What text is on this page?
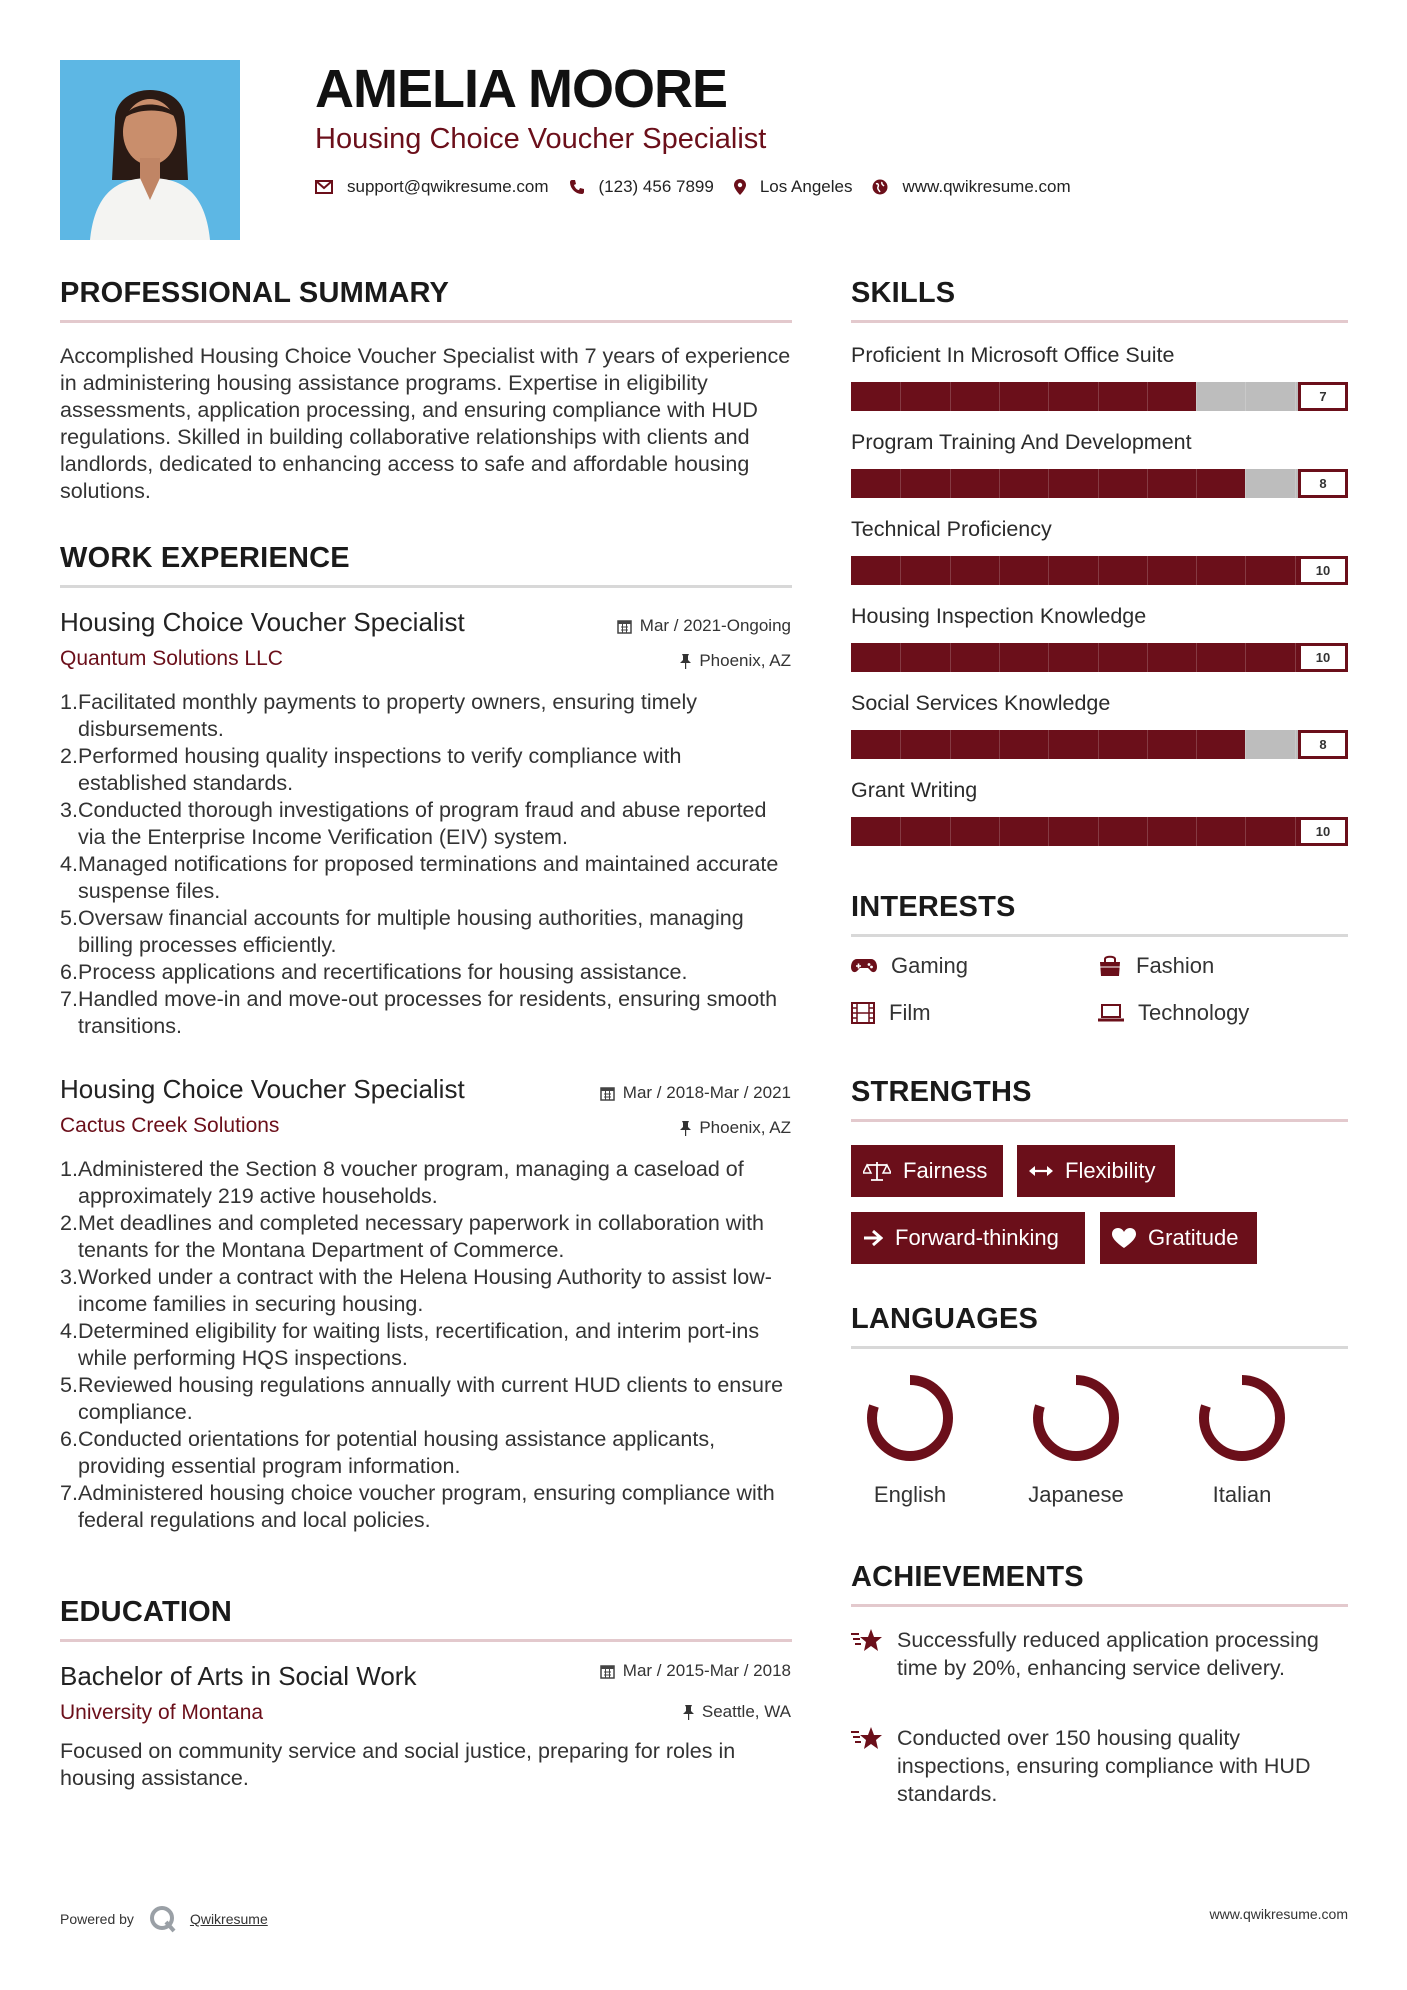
AMELIA MOORE
Housing Choice Voucher Specialist
support@qwikresume.com	(123) 456 7899	Los Angeles	www.qwikresume.com
PROFESSIONAL SUMMARY
Accomplished Housing Choice Voucher Specialist with 7 years of experience in administering housing assistance programs. Expertise in eligibility assessments, application processing, and ensuring compliance with HUD regulations. Skilled in building collaborative relationships with clients and landlords, dedicated to enhancing access to safe and affordable housing solutions.
WORK EXPERIENCE
Housing Choice Voucher Specialist	Mar / 2021-Ongoing
Quantum Solutions LLC	Phoenix, AZ
1. Facilitated monthly payments to property owners, ensuring timely disbursements.
2. Performed housing quality inspections to verify compliance with established standards.
3. Conducted thorough investigations of program fraud and abuse reported via the Enterprise Income Verification (EIV) system.
4. Managed notifications for proposed terminations and maintained accurate suspense files.
5. Oversaw financial accounts for multiple housing authorities, managing billing processes efficiently.
6. Process applications and recertifications for housing assistance.
7. Handled move-in and move-out processes for residents, ensuring smooth transitions.
Housing Choice Voucher Specialist	Mar / 2018-Mar / 2021
Cactus Creek Solutions	Phoenix, AZ
1. Administered the Section 8 voucher program, managing a caseload of approximately 219 active households.
2. Met deadlines and completed necessary paperwork in collaboration with tenants for the Montana Department of Commerce.
3. Worked under a contract with the Helena Housing Authority to assist low-income families in securing housing.
4. Determined eligibility for waiting lists, recertification, and interim port-ins while performing HQS inspections.
5. Reviewed housing regulations annually with current HUD clients to ensure compliance.
6. Conducted orientations for potential housing assistance applicants, providing essential program information.
7. Administered housing choice voucher program, ensuring compliance with federal regulations and local policies.
EDUCATION
Bachelor of Arts in Social Work	Mar / 2015-Mar / 2018
University of Montana	Seattle, WA
Focused on community service and social justice, preparing for roles in housing assistance.
SKILLS
Proficient In Microsoft Office Suite
7
Program Training And Development
8
Technical Proficiency
10
Housing Inspection Knowledge
10
Social Services Knowledge
8
Grant Writing
10
INTERESTS
Gaming	Fashion
Film	Technology
STRENGTHS
Fairness	Flexibility
Forward-thinking	Gratitude
LANGUAGES
English	Japanese	Italian
ACHIEVEMENTS
Successfully reduced application processing time by 20%, enhancing service delivery.
Conducted over 150 housing quality inspections, ensuring compliance with HUD standards.
Powered by	Qwikresume	www.qwikresume.com
